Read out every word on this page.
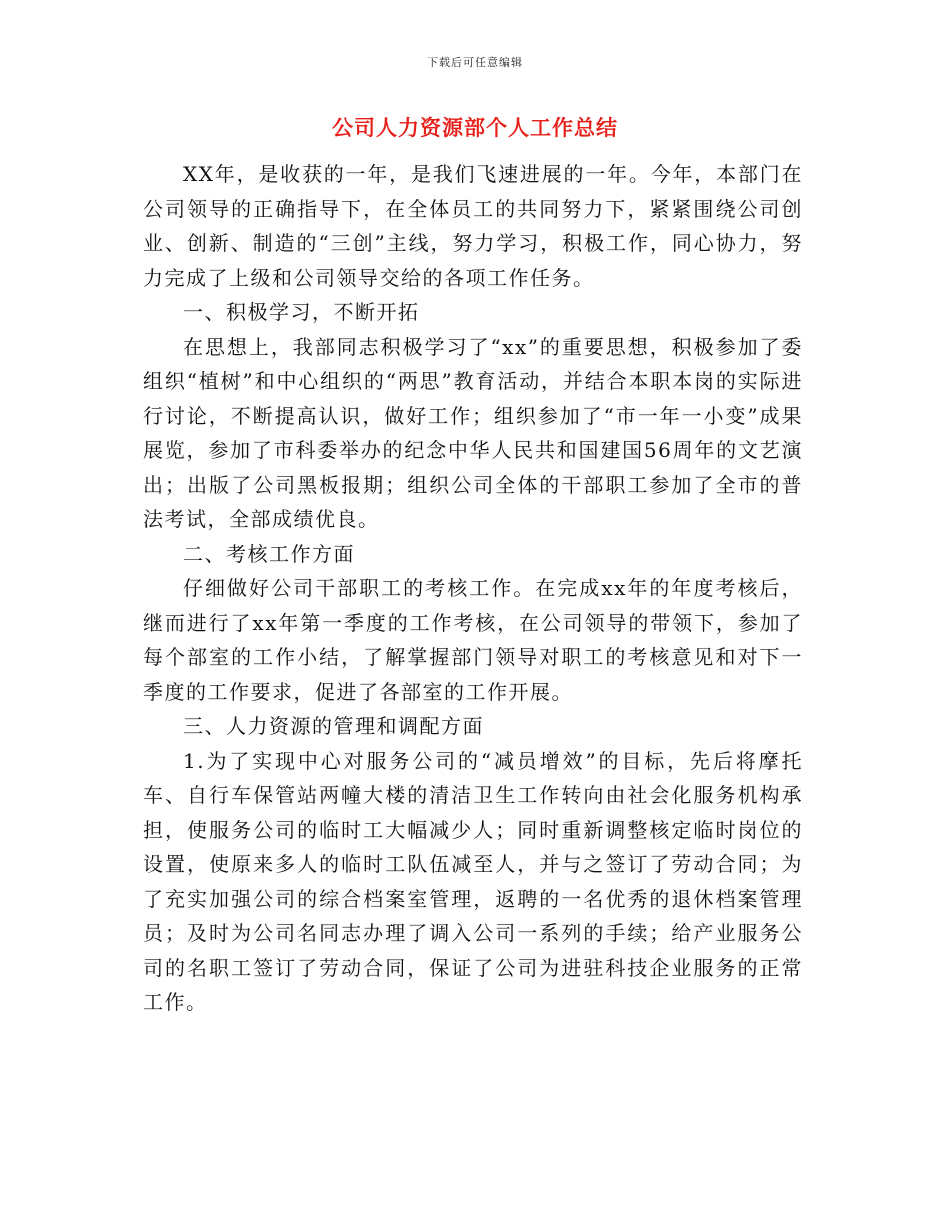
下载后可任意编辑
公司人力资源部个人工作总结

XX年，是收获的一年，是我们飞速进展的一年。今年，本部门在公司领导的正确指导下，在全体员工的共同努力下，紧紧围绕公司创业、创新、制造的“三创”主线，努力学习，积极工作，同心协力，努力完成了上级和公司领导交给的各项工作任务。

一、积极学习，不断开拓

在思想上，我部同志积极学习了“xx”的重要思想，积极参加了委组织“植树”和中心组织的“两思”教育活动，并结合本职本岗的实际进行讨论，不断提高认识，做好工作；组织参加了“市一年一小变”成果展览，参加了市科委举办的纪念中华人民共和国建国56周年的文艺演出；出版了公司黑板报期；组织公司全体的干部职工参加了全市的普法考试，全部成绩优良。

二、考核工作方面

仔细做好公司干部职工的考核工作。在完成xx年的年度考核后，继而进行了xx年第一季度的工作考核，在公司领导的带领下，参加了每个部室的工作小结，了解掌握部门领导对职工的考核意见和对下一季度的工作要求，促进了各部室的工作开展。

三、人力资源的管理和调配方面

1.为了实现中心对服务公司的“减员增效”的目标，先后将摩托车、自行车保管站两幢大楼的清洁卫生工作转向由社会化服务机构承担，使服务公司的临时工大幅减少人；同时重新调整核定临时岗位的设置，使原来多人的临时工队伍减至人，并与之签订了劳动合同；为了充实加强公司的综合档案室管理，返聘的一名优秀的退休档案管理员；及时为公司名同志办理了调入公司一系列的手续；给产业服务公司的名职工签订了劳动合同，保证了公司为进驻科技企业服务的正常工作。
